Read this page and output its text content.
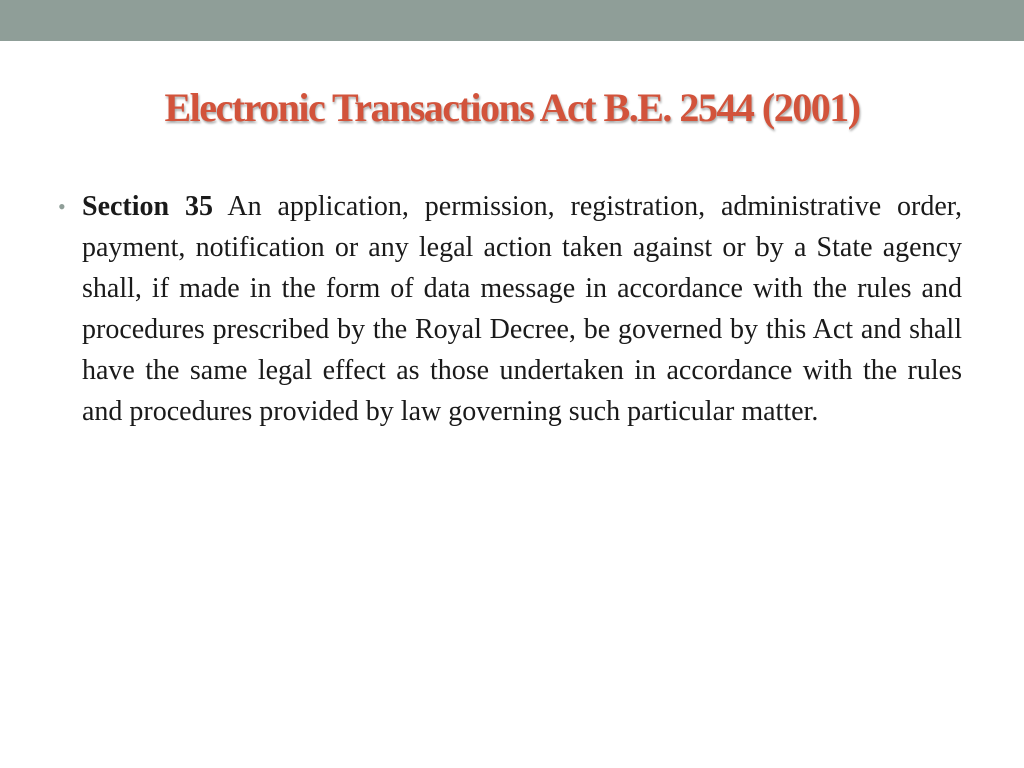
Electronic Transactions Act B.E. 2544 (2001)
• Section 35 An application, permission, registration, administrative order, payment, notification or any legal action taken against or by a State agency shall, if made in the form of data message in accordance with the rules and procedures prescribed by the Royal Decree, be governed by this Act and shall have the same legal effect as those undertaken in accordance with the rules and procedures provided by law governing such particular matter.
